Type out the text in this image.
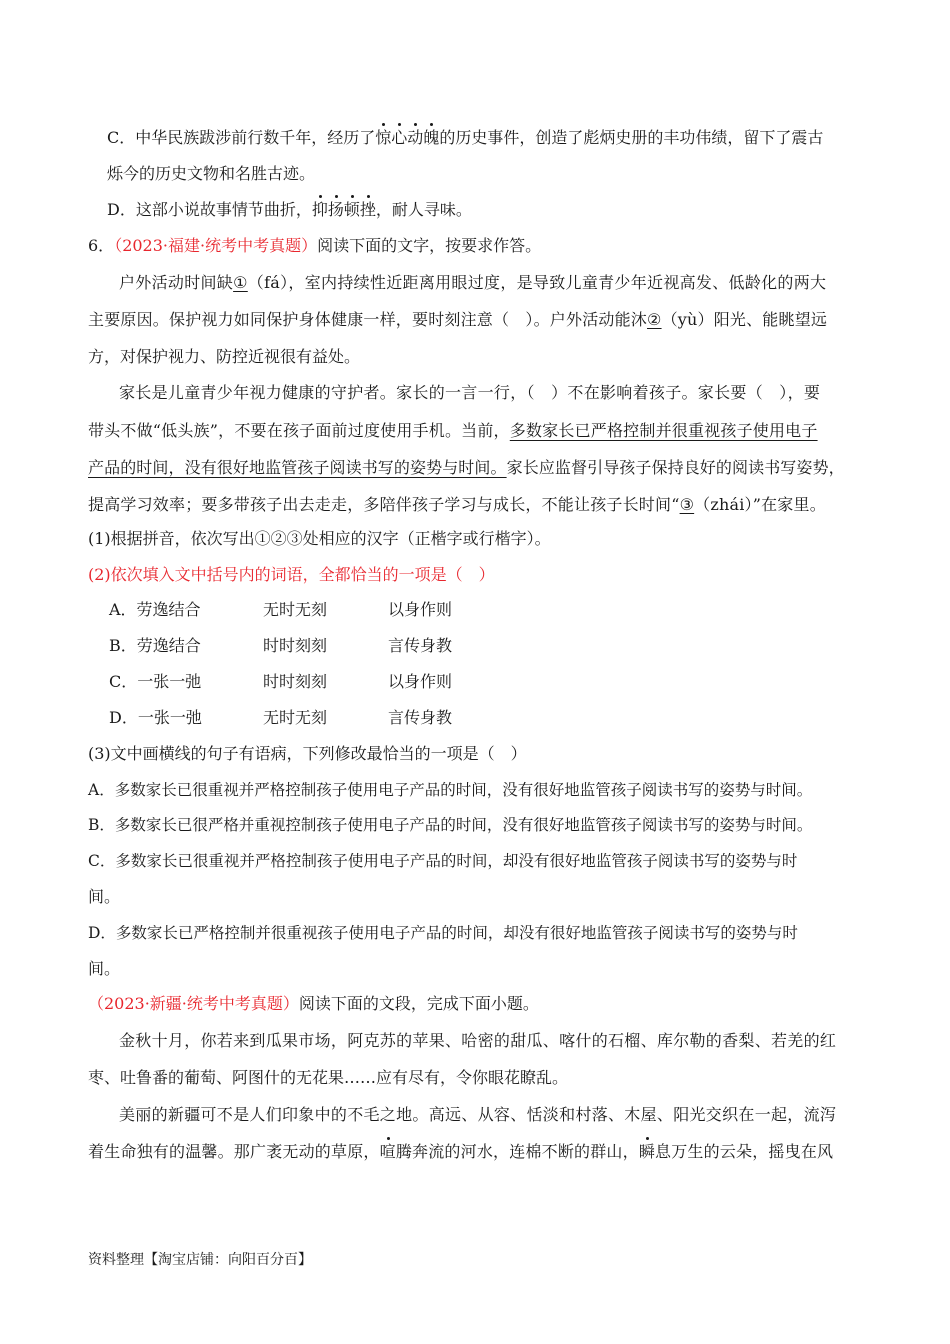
C．中华民族跋涉前行数千年，经历了惊心动魄的历史事件，创造了彪炳史册的丰功伟绩，留下了震古
烁今的历史文物和名胜古迹。
D．这部小说故事情节曲折，抑扬顿挫，耐人寻味。
6．（2023·福建·统考中考真题）阅读下面的文字，按要求作答。
户外活动时间缺①（fá），室内持续性近距离用眼过度，是导致儿童青少年近视高发、低龄化的两大
主要原因。保护视力如同保护身体健康一样，要时刻注意（　）。户外活动能沐②（yù）阳光、能眺望远
方，对保护视力、防控近视很有益处。
家长是儿童青少年视力健康的守护者。家长的一言一行，（　）不在影响着孩子。家长要（　），要
带头不做“低头族”，不要在孩子面前过度使用手机。当前，多数家长已严格控制并很重视孩子使用电子
产品的时间，没有很好地监管孩子阅读书写的姿势与时间。家长应监督引导孩子保持良好的阅读书写姿势，
提高学习效率；要多带孩子出去走走，多陪伴孩子学习与成长，不能让孩子长时间“③（zhái）”在家里。
(1)根据拼音，依次写出①②③处相应的汉字（正楷字或行楷字）。
(2)依次填入文中括号内的词语，全都恰当的一项是（　）
A．劳逸结合	无时无刻	以身作则
B．劳逸结合	时时刻刻	言传身教
C．一张一弛	时时刻刻	以身作则
D．一张一弛	无时无刻	言传身教
(3)文中画横线的句子有语病，下列修改最恰当的一项是（　）
A．多数家长已很重视并严格控制孩子使用电子产品的时间，没有很好地监管孩子阅读书写的姿势与时间。
B．多数家长已很严格并重视控制孩子使用电子产品的时间，没有很好地监管孩子阅读书写的姿势与时间。
C．多数家长已很重视并严格控制孩子使用电子产品的时间，却没有很好地监管孩子阅读书写的姿势与时
间。
D．多数家长已严格控制并很重视孩子使用电子产品的时间，却没有很好地监管孩子阅读书写的姿势与时
间。
（2023·新疆·统考中考真题）阅读下面的文段，完成下面小题。
金秋十月，你若来到瓜果市场，阿克苏的苹果、哈密的甜瓜、喀什的石榴、库尔勒的香梨、若羌的红
枣、吐鲁番的葡萄、阿图什的无花果……应有尽有，令你眼花瞭乱。
美丽的新疆可不是人们印象中的不毛之地。高远、从容、恬淡和村落、木屋、阳光交织在一起，流泻
着生命独有的温馨。那广袤无动的草原，喧腾奔流的河水，连棉不断的群山，瞬息万生的云朵，摇曳在风
资料整理【淘宝店铺：向阳百分百】
